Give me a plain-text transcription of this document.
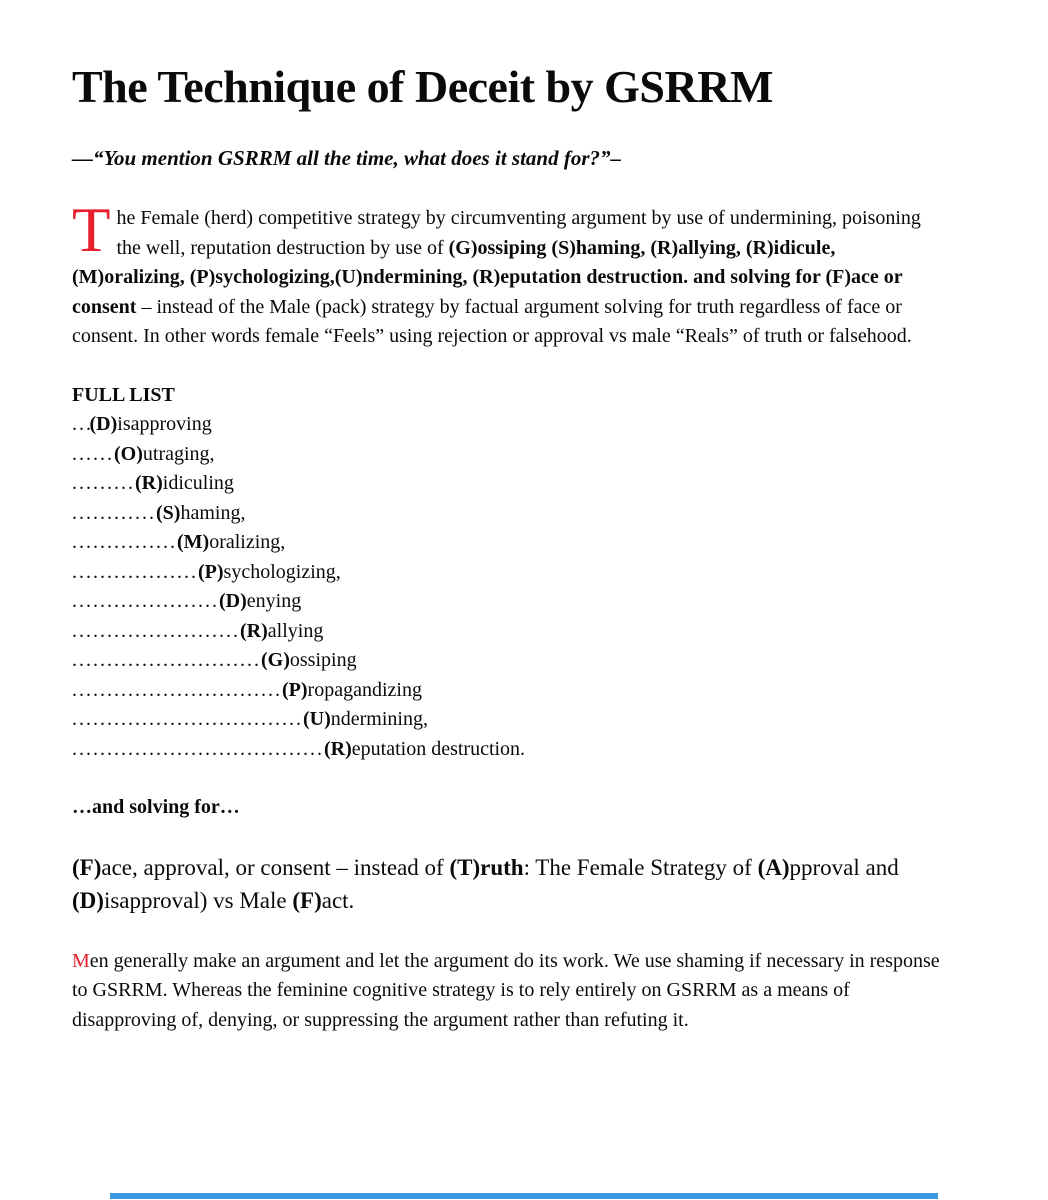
The Technique of Deceit by GSRRM
—“You mention GSRRM all the time, what does it stand for?”–

The Female (herd) competitive strategy by circumventing argument by use of undermining, poisoning the well, reputation destruction by use of (G)ossiping (S)haming, (R)allying, (R)idicule, (M)oralizing, (P)sychologizing,(U)ndermining, (R)eputation destruction. and solving for (F)ace or consent – instead of the Male (pack) strategy by factual argument solving for truth regardless of face or consent. In other words female “Feels” using rejection or approval vs male “Reals” of truth or falsehood.

FULL LIST
. . .(D)isapproving
. . . . . . (O)utraging,
. . . . . . . . . (R)idiculing
. . . . . . . . . . . . (S)haming,
. . . . . . . . . . . . . . . (M)oralizing,
. . . . . . . . . . . . . . . . . . (P)sychologizing,
. . . . . . . . . . . . . . . . . . . . . (D)enying
. . . . . . . . . . . . . . . . . . . . . . . . (R)allying
. . . . . . . . . . . . . . . . . . . . . . . . . . . (G)ossiping
. . . . . . . . . . . . . . . . . . . . . . . . . . . . . . (P)ropagandizing
. . . . . . . . . . . . . . . . . . . . . . . . . . . . . . . . . (U)ndermining,
. . . . . . . . . . . . . . . . . . . . . . . . . . . . . . . . . . . . (R)eputation destruction.
…and solving for…

(F)ace, approval, or consent – instead of (T)ruth: The Female Strategy of (A)pproval and (D)isapproval) vs Male (F)act.

Men generally make an argument and let the argument do its work. We use shaming if necessary in response to GSRRM. Whereas the feminine cognitive strategy is to rely entirely on GSRRM as a means of disapproving of, denying, or suppressing the argument rather than refuting it.
